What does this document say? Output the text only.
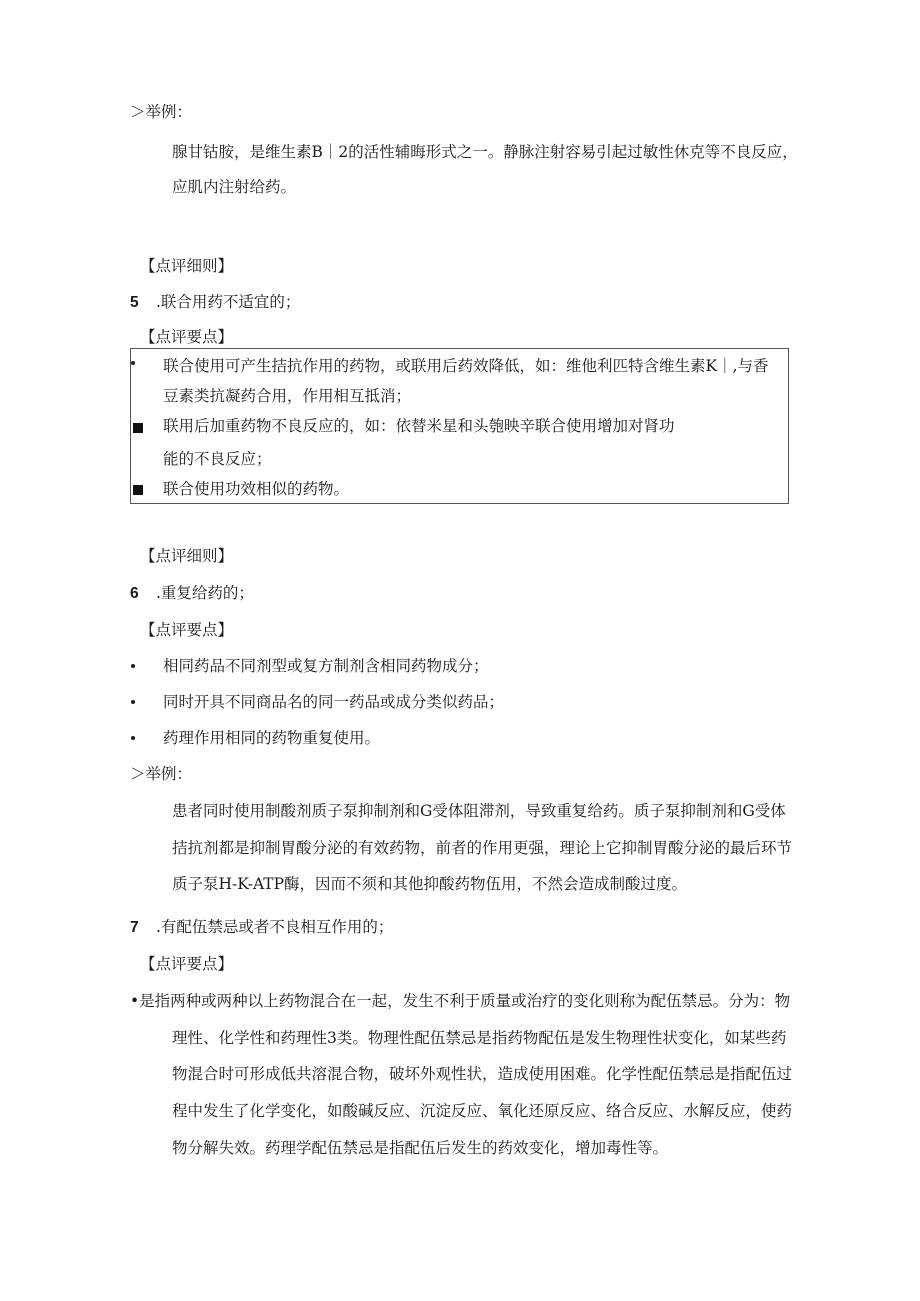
＞举例：
腺甘钴胺，是维生素B｜2的活性辅晦形式之一。静脉注射容易引起过敏性休克等不良反应，
应肌内注射给药。
【点评细则】
5 .联合用药不适宜的；
【点评要点】
联合使用可产生拮抗作用的药物，或联用后药效降低，如：维他利匹特含维生素K｜,与香
豆素类抗凝药合用，作用相互抵消；
联用后加重药物不良反应的，如：依替米星和头匏映辛联合使用增加对肾功
能的不良反应；
联合使用功效相似的药物。
【点评细则】
6 .重复给药的；
【点评要点】
相同药品不同剂型或复方制剂含相同药物成分；
同时开具不同商品名的同一药品或成分类似药品；
药理作用相同的药物重复使用。
＞举例：
患者同时使用制酸剂质子泵抑制剂和G受体阻滞剂，导致重复给药。质子泵抑制剂和G受体
拮抗剂都是抑制胃酸分泌的有效药物，前者的作用更强，理论上它抑制胃酸分泌的最后环节
质子泵H-K-ATP酶，因而不须和其他抑酸药物伍用，不然会造成制酸过度。
7 .有配伍禁忌或者不良相互作用的；
【点评要点】
•是指两种或两种以上药物混合在一起，发生不利于质量或治疗的变化则称为配伍禁忌。分为：物
理性、化学性和药理性3类。物理性配伍禁忌是指药物配伍是发生物理性状变化，如某些药
物混合时可形成低共溶混合物，破坏外观性状，造成使用困难。化学性配伍禁忌是指配伍过
程中发生了化学变化，如酸碱反应、沉淀反应、氧化还原反应、络合反应、水解反应，使药
物分解失效。药理学配伍禁忌是指配伍后发生的药效变化，增加毒性等。
